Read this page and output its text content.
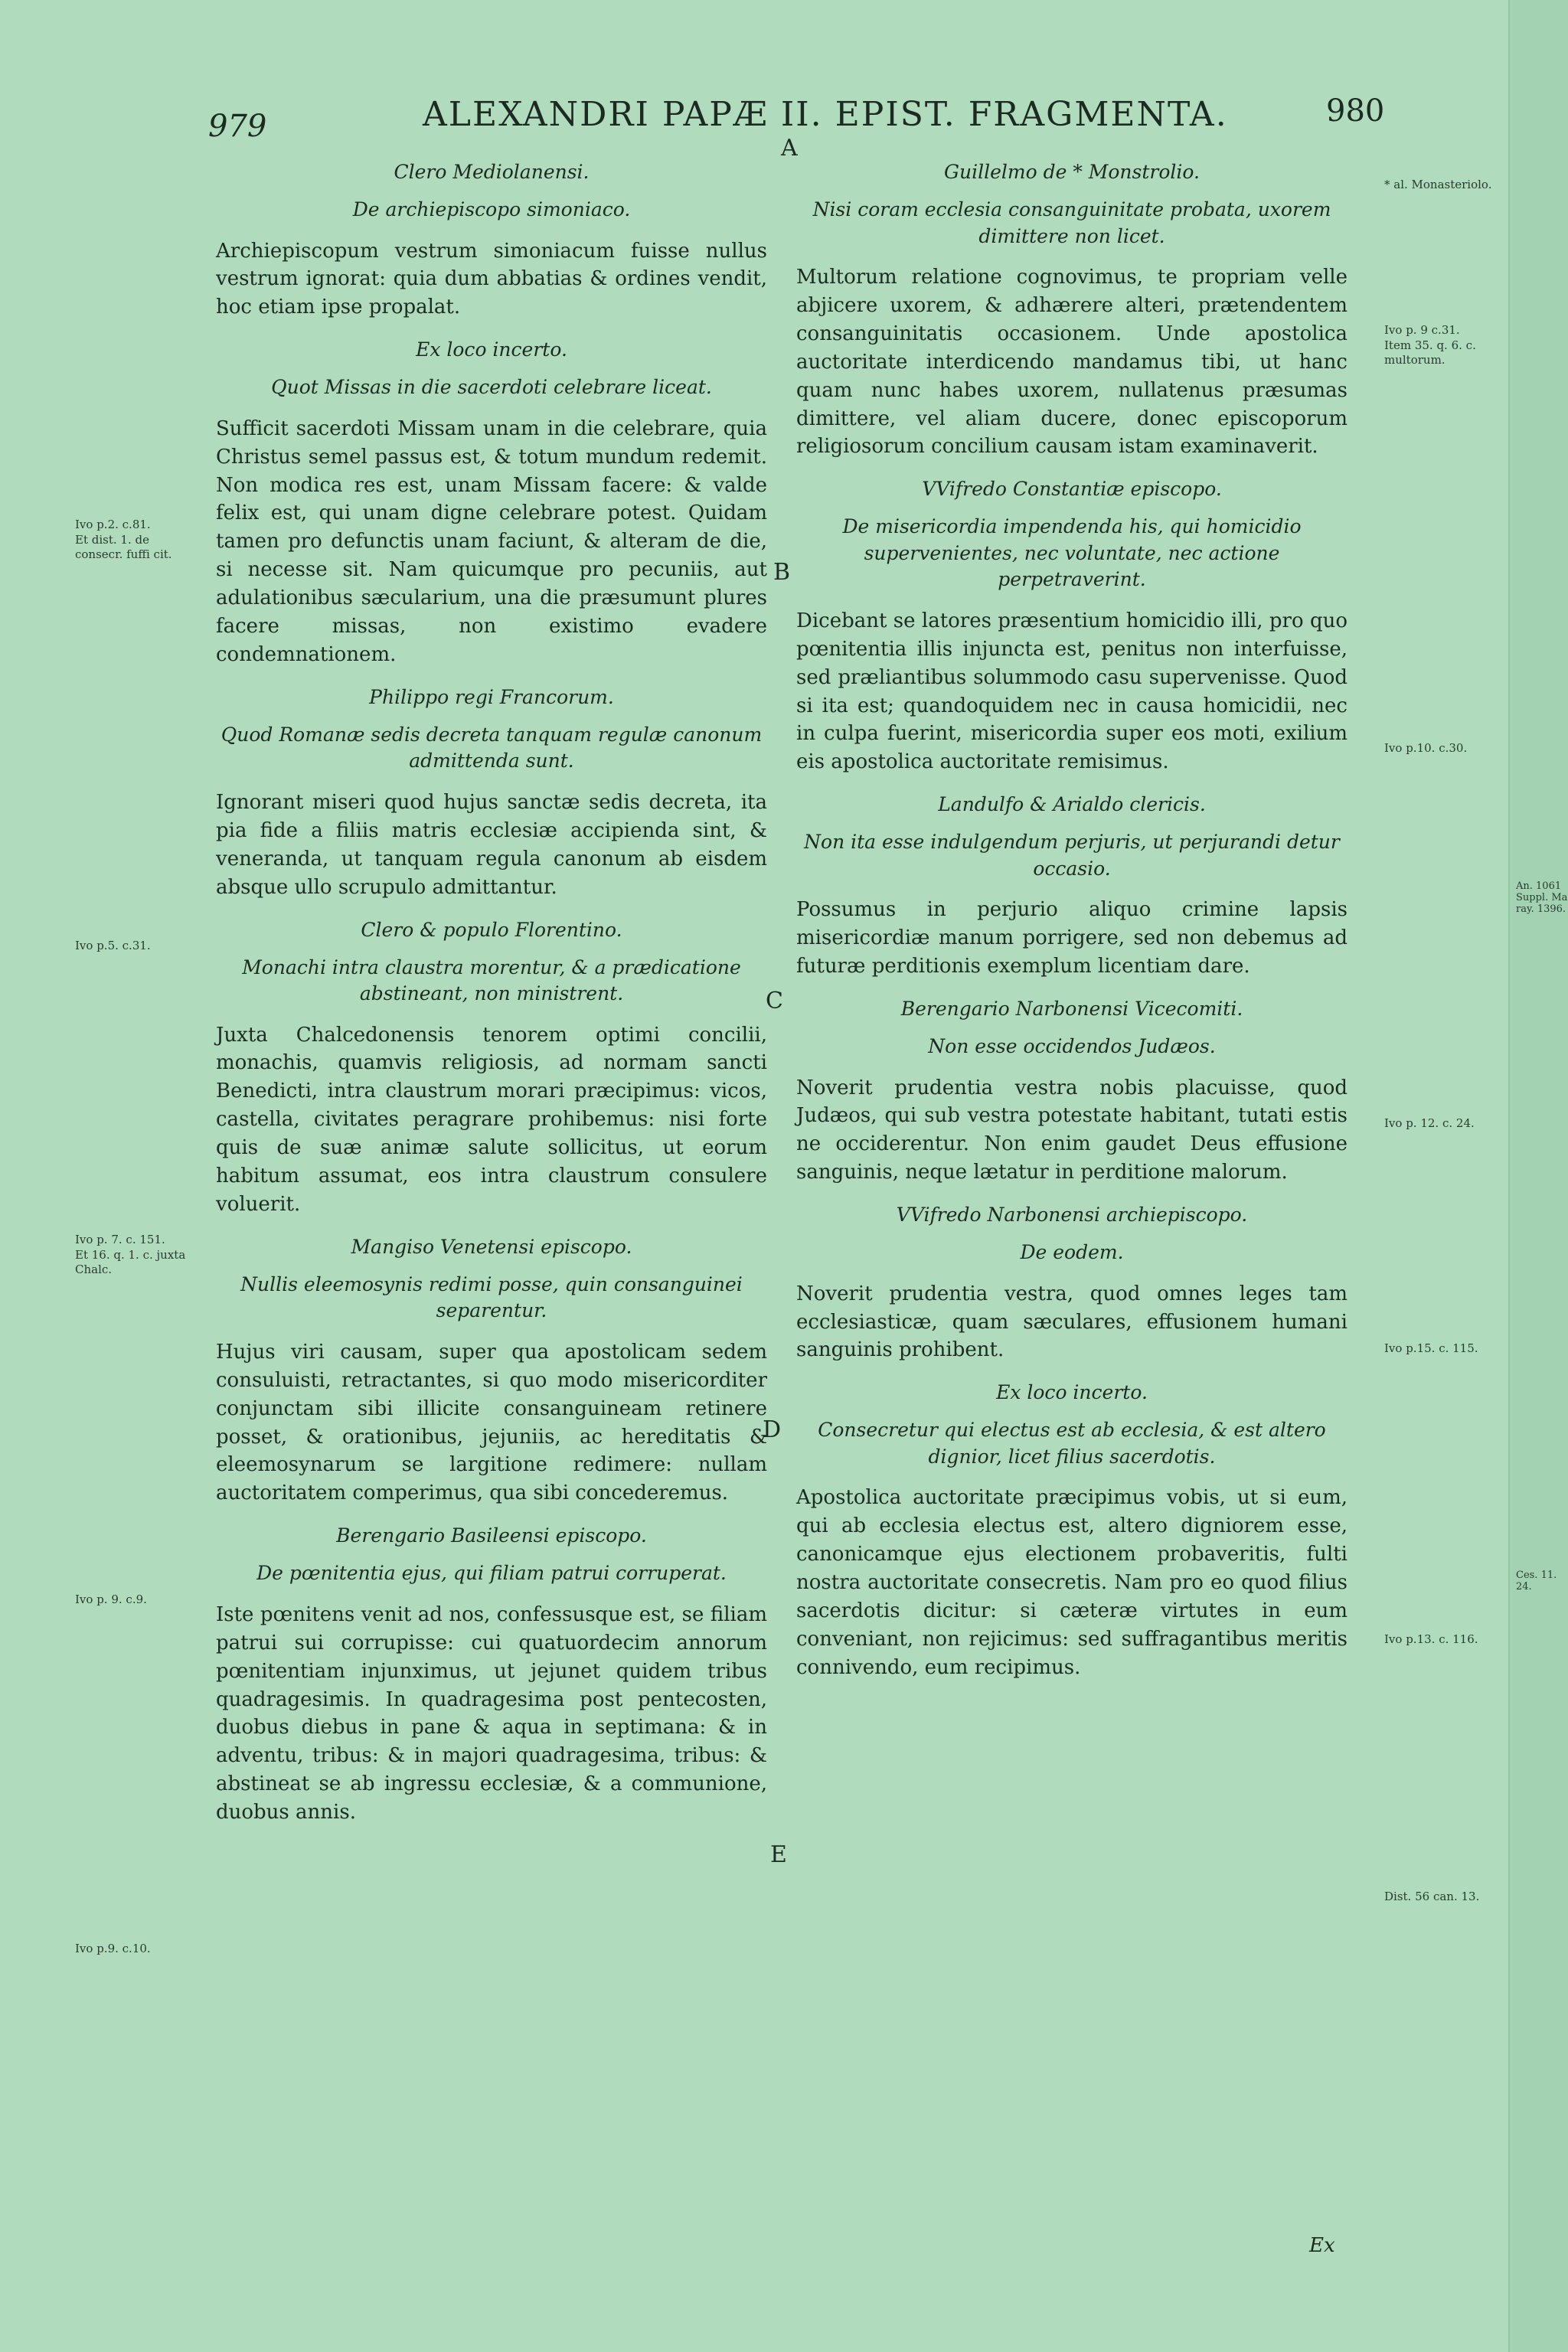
An. 1061 Suppl. Ma ray. 1396.
Ces. 11. 24.
979	ALEXANDRI PAPÆ II. EPIST. FRAGMENTA.	980
A
B
C
D
E
Clero Mediolanensi.
De archiepiscopo simoniaco.
Archiepiscopum vestrum simoniacum fuisse nullus vestrum ignorat: quia dum abbatias & ordines vendit, hoc etiam ipse propalat.
Ex loco incerto.
Quot Missas in die sacerdoti celebrare liceat.
Sufficit sacerdoti Missam unam in die celebrare, quia Christus semel passus est, & totum mundum redemit. Non modica res est, unam Missam facere: & valde felix est, qui unam digne celebrare potest. Quidam tamen pro defunctis unam faciunt, & alteram de die, si necesse sit. Nam quicumque pro pecuniis, aut adulationibus sæcularium, una die præsumunt plures facere missas, non existimo evadere condemnationem.
Philippo regi Francorum.
Quod Romanæ sedis decreta tanquam regulæ canonum admittenda sunt.
Ignorant miseri quod hujus sanctæ sedis decreta, ita pia fide a filiis matris ecclesiæ accipienda sint, & veneranda, ut tanquam regula canonum ab eisdem absque ullo scrupulo admittantur.
Clero & populo Florentino.
Monachi intra claustra morentur, & a prædicatione abstineant, non ministrent.
Juxta Chalcedonensis tenorem optimi concilii, monachis, quamvis religiosis, ad normam sancti Benedicti, intra claustrum morari præcipimus: vicos, castella, civitates peragrare prohibemus: nisi forte quis de suæ animæ salute sollicitus, ut eorum habitum assumat, eos intra claustrum consulere voluerit.
Mangiso Venetensi episcopo.
Nullis eleemosynis redimi posse, quin consanguinei separentur.
Hujus viri causam, super qua apostolicam sedem consuluisti, retractantes, si quo modo misericorditer conjunctam sibi illicite consanguineam retinere posset, & orationibus, jejuniis, ac hereditatis & eleemosynarum se largitione redimere: nullam auctoritatem comperimus, qua sibi concederemus.
Berengario Basileensi episcopo.
De pœnitentia ejus, qui filiam patrui corruperat.
Iste pœnitens venit ad nos, confessusque est, se filiam patrui sui corrupisse: cui quatuordecim annorum pœnitentiam injunximus, ut jejunet quidem tribus quadragesimis. In quadragesima post pentecosten, duobus diebus in pane & aqua in septimana: & in adventu, tribus: & in majori quadragesima, tribus: & abstineat se ab ingressu ecclesiæ, & a communione, duobus annis.
Guillelmo de * Monstrolio.
Nisi coram ecclesia consanguinitate probata, uxorem dimittere non licet.
Multorum relatione cognovimus, te propriam velle abjicere uxorem, & adhærere alteri, prætendentem consanguinitatis occasionem. Unde apostolica auctoritate interdicendo mandamus tibi, ut hanc quam nunc habes uxorem, nullatenus præsumas dimittere, vel aliam ducere, donec episcoporum religiosorum concilium causam istam examinaverit.
VVifredo Constantiæ episcopo.
De misericordia impendenda his, qui homicidio supervenientes, nec voluntate, nec actione perpetraverint.
Dicebant se latores præsentium homicidio illi, pro quo pœnitentia illis injuncta est, penitus non interfuisse, sed præliantibus solummodo casu supervenisse. Quod si ita est; quandoquidem nec in causa homicidii, nec in culpa fuerint, misericordia super eos moti, exilium eis apostolica auctoritate remisimus.
Landulfo & Arialdo clericis.
Non ita esse indulgendum perjuris, ut perjurandi detur occasio.
Possumus in perjurio aliquo crimine lapsis misericordiæ manum porrigere, sed non debemus ad futuræ perditionis exemplum licentiam dare.
Berengario Narbonensi Vicecomiti.
Non esse occidendos Judæos.
Noverit prudentia vestra nobis placuisse, quod Judæos, qui sub vestra potestate habitant, tutati estis ne occiderentur. Non enim gaudet Deus effusione sanguinis, neque lætatur in perditione malorum.
VVifredo Narbonensi archiepiscopo.
De eodem.
Noverit prudentia vestra, quod omnes leges tam ecclesiasticæ, quam sæculares, effusionem humani sanguinis prohibent.
Ex loco incerto.
Consecretur qui electus est ab ecclesia, & est altero dignior, licet filius sacerdotis.
Apostolica auctoritate præcipimus vobis, ut si eum, qui ab ecclesia electus est, altero digniorem esse, canonicamque ejus electionem probaveritis, fulti nostra auctoritate consecretis. Nam pro eo quod filius sacerdotis dicitur: si cæteræ virtutes in eum conveniant, non rejicimus: sed suffragantibus meritis connivendo, eum recipimus.
Ivo p.2. c.81.
Et dist. 1. de consecr. fuffi cit.
Ivo p.5. c.31.
Ivo p. 7. c. 151.
Et 16. q. 1. c. juxta Chalc.
Ivo p. 9. c.9.
Ivo p.9. c.10.
* al. Monasteriolo.
Ivo p. 9 c.31.
Item 35. q. 6. c. multorum.
Ivo p.10. c.30.
Ivo p. 12. c. 24.
Ivo p.15. c. 115.
Ivo p.13. c. 116.
Dist. 56 can. 13.
Ex
